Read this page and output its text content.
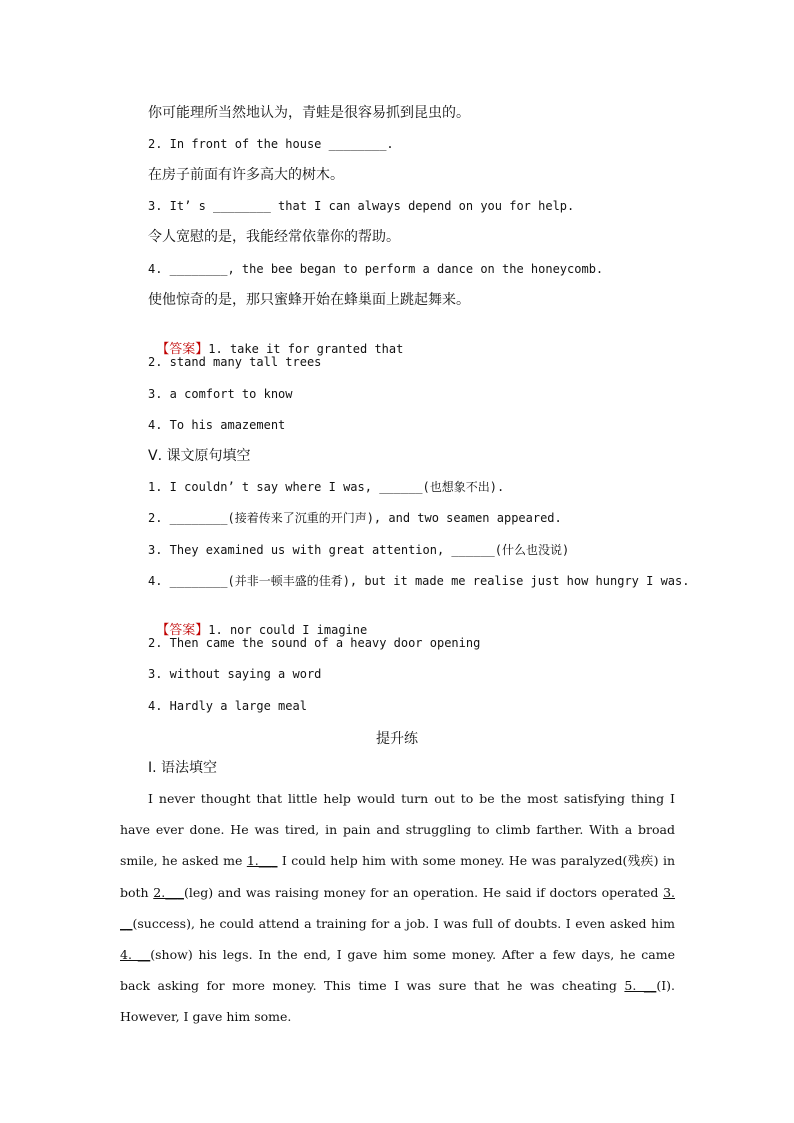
你可能理所当然地认为，青蛙是很容易抓到昆虫的。
2. In front of the house ________.
在房子前面有许多高大的树木。
3. It’ s ________ that I can always depend on you for help.
令人宽慰的是，我能经常依靠你的帮助。
4. ________, the bee began to perform a dance on the honeycomb.
使他惊奇的是，那只蜜蜂开始在蜂巢面上跳起舞来。

【答案】1. take it for granted that

2. stand many tall trees
3. a comfort to know
4. To his amazement
Ⅴ. 课文原句填空
1. I couldn’ t say where I was, ______(也想象不出).
2. ________(接着传来了沉重的开门声), and two seamen appeared.
3. They examined us with great attention, ______(什么也没说)
4. ________(并非一顿丰盛的佳肴), but it made me realise just how hungry I was.

【答案】1. nor could I imagine

2. Then came the sound of a heavy door opening
3. without saying a word
4. Hardly a large meal
提升练
Ⅰ. 语法填空

I never thought that little help would turn out to be the most satisfying thing I have ever done. He was tired, in pain and struggling to climb farther. With a broad smile, he asked me 1.___ I could help him with some money. He was paralyzed(残疾) in both 2.___(leg) and was raising money for an operation. He said if doctors operated 3. __(success), he could attend a training for a job. I was full of doubts. I even asked him 4. __(show) his legs. In the end, I gave him some money. After a few days, he came back asking for more money. This time I was sure that he was cheating 5. __(I). However, I gave him some.
